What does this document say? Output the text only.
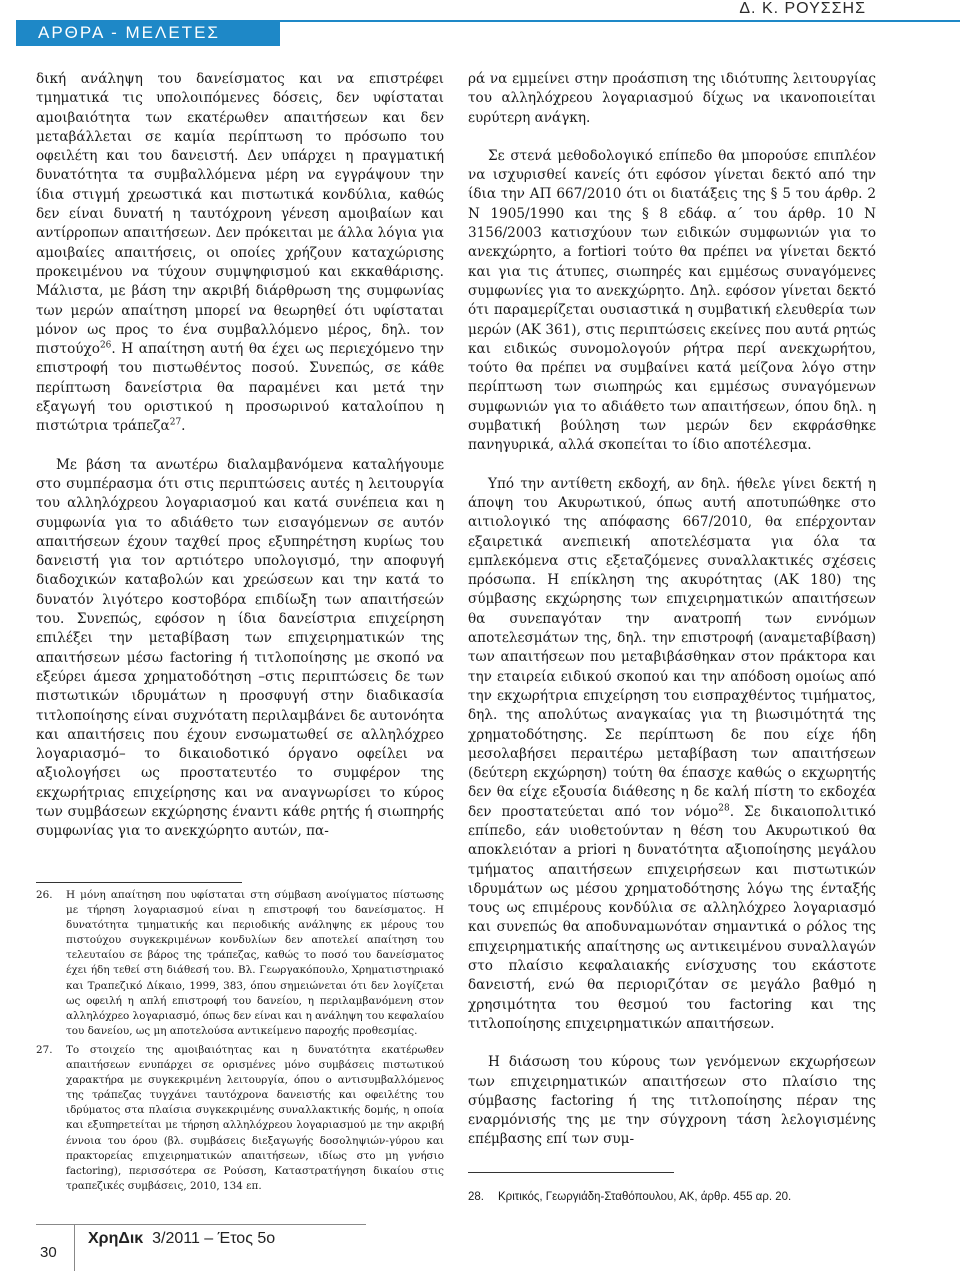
ΑΡΘΡΑ - ΜΕΛΕΤΕΣ
Δ. Κ. ΡΟΥΣΣΗΣ

δική ανάληψη του δανείσματος και να επιστρέφει τμηματικά τις υπολοιπόμενες δόσεις, δεν υφίσταται αμοιβαιότητα των εκατέρωθεν απαιτήσεων και δεν μεταβάλλεται σε καμία περίπτωση το πρόσωπο του οφειλέτη και του δανειστή. Δεν υπάρχει η πραγματική δυνατότητα τα συμβαλλόμενα μέρη να εγγράψουν την ίδια στιγμή χρεωστικά και πιστωτικά κονδύλια, καθώς δεν είναι δυνατή η ταυτόχρονη γένεση αμοιβαίων και αντίρροπων απαιτήσεων. Δεν πρόκειται με άλλα λόγια για αμοιβαίες απαιτήσεις, οι οποίες χρήζουν καταχώρισης προκειμένου να τύχουν συμψηφισμού και εκκαθάρισης. Μάλιστα, με βάση την ακριβή διάρθρωση της συμφωνίας των μερών απαίτηση μπορεί να θεωρηθεί ότι υφίσταται μόνον ως προς το ένα συμβαλλόμενο μέρος, δηλ. τον πιστούχο$^{26}$. Η απαίτηση αυτή θα έχει ως περιεχόμενο την επιστροφή του πιστωθέντος ποσού. Συνεπώς, σε κάθε περίπτωση δανείστρια θα παραμένει και μετά την εξαγωγή του οριστικού η προσωρινού καταλοίπου η πιστώτρια τράπεζα$^{27}$.

Με βάση τα ανωτέρω διαλαμβανόμενα καταλήγουμε στο συμπέρασμα ότι στις περιπτώσεις αυτές η λειτουργία του αλληλόχρεου λογαριασμού και κατά συνέπεια και η συμφωνία για το αδιάθετο των εισαγόμενων σε αυτόν απαιτήσεων έχουν ταχθεί προς εξυπηρέτηση κυρίως του δανειστή για τον αρτιότερο υπολογισμό, την αποφυγή διαδοχικών καταβολών και χρεώσεων και την κατά το δυνατόν λιγότερο κοστοβόρα επιδίωξη των απαιτήσεών του. Συνεπώς, εφόσον η ίδια δανείστρια επιχείρηση επιλέξει την μεταβίβαση των επιχειρηματικών της απαιτήσεων μέσω factoring ή τιτλοποίησης με σκοπό να εξεύρει άμεσα χρηματοδότηση –στις περιπτώσεις δε των πιστωτικών ιδρυμάτων η προσφυγή στην διαδικασία τιτλοποίησης είναι συχνότατη περιλαμβάνει δε αυτονόητα και απαιτήσεις που έχουν ενσωματωθεί σε αλληλόχρεο λογαριασμό– το δικαιοδοτικό όργανο οφείλει να αξιολογήσει ως προστατευτέο το συμφέρον της εκχωρήτριας επιχείρησης και να αναγνωρίσει το κύρος των συμβάσεων εκχώρησης έναντι κάθε ρητής ή σιωπηρής συμφωνίας για το ανεκχώρητο αυτών, πα-

26. Η μόνη απαίτηση που υφίσταται στη σύμβαση ανοίγματος πίστωσης με τήρηση λογαριασμού είναι η επιστροφή του δανείσματος. Η δυνατότητα τμηματικής και περιοδικής ανάληψης εκ μέρους του πιστούχου συγκεκριμένων κονδυλίων δεν αποτελεί απαίτηση του τελευταίου σε βάρος της τράπεζας, καθώς το ποσό του δανείσματος έχει ήδη τεθεί στη διάθεσή του. Βλ. Γεωργακόπουλο, Χρηματιστηριακό και Τραπεζικό Δίκαιο, 1999, 383, όπου σημειώνεται ότι δεν λογίζεται ως οφειλή η απλή επιστροφή του δανείου, η περιλαμβανόμενη στον αλληλόχρεο λογαριασμό, όπως δεν είναι και η ανάληψη του κεφαλαίου του δανείου, ως μη αποτελούσα αντικείμενο παροχής προθεσμίας.
27. Το στοιχείο της αμοιβαιότητας και η δυνατότητα εκατέρωθεν απαιτήσεων ενυπάρχει σε ορισμένες μόνο συμβάσεις πιστωτικού χαρακτήρα με συγκεκριμένη λειτουργία, όπου ο αντισυμβαλλόμενος της τράπεζας τυγχάνει ταυτόχρονα δανειστής και οφειλέτης του ιδρύματος στα πλαίσια συγκεκριμένης συναλλακτικής δομής, η οποία και εξυπηρετείται με τήρηση αλληλόχρεου λογαριασμού με την ακριβή έννοια του όρου (βλ. συμβάσεις διεξαγωγής δοσοληψιών-γύρου και πρακτορείας επιχειρηματικών απαιτήσεων, ιδίως στο μη γνήσιο factoring), περισσότερα σε Ρούσση, Καταστρατήγηση δικαίου στις τραπεζικές συμβάσεις, 2010, 134 επ.

ρά να εμμείνει στην προάσπιση της ιδιότυπης λειτουργίας του αλληλόχρεου λογαριασμού δίχως να ικανοποιείται ευρύτερη ανάγκη.

Σε στενά μεθοδολογικό επίπεδο θα μπορούσε επιπλέον να ισχυρισθεί κανείς ότι εφόσον γίνεται δεκτό από την ίδια την ΑΠ 667/2010 ότι οι διατάξεις της § 5 του άρθρ. 2 Ν 1905/1990 και της § 8 εδάφ. α΄ του άρθρ. 10 Ν 3156/2003 κατισχύουν των ειδικών συμφωνιών για το ανεκχώρητο, a fortiori τούτο θα πρέπει να γίνεται δεκτό και για τις άτυπες, σιωπηρές και εμμέσως συναγόμενες συμφωνίες για το ανεκχώρητο. Δηλ. εφόσον γίνεται δεκτό ότι παραμερίζεται ουσιαστικά η συμβατική ελευθερία των μερών (ΑΚ 361), στις περιπτώσεις εκείνες που αυτά ρητώς και ειδικώς συνομολογούν ρήτρα περί ανεκχωρήτου, τούτο θα πρέπει να συμβαίνει κατά μείζονα λόγο στην περίπτωση των σιωπηρώς και εμμέσως συναγόμενων συμφωνιών για το αδιάθετο των απαιτήσεων, όπου δηλ. η συμβατική βούληση των μερών δεν εκφράσθηκε πανηγυρικά, αλλά σκοπείται το ίδιο αποτέλεσμα.

Υπό την αντίθετη εκδοχή, αν δηλ. ήθελε γίνει δεκτή η άποψη του Ακυρωτικού, όπως αυτή αποτυπώθηκε στο αιτιολογικό της απόφασης 667/2010, θα επέρχονταν εξαιρετικά ανεπιεική αποτελέσματα για όλα τα εμπλεκόμενα στις εξεταζόμενες συναλλακτικές σχέσεις πρόσωπα. Η επίκληση της ακυρότητας (ΑΚ 180) της σύμβασης εκχώρησης των επιχειρηματικών απαιτήσεων θα συνεπαγόταν την ανατροπή των εννόμων αποτελεσμάτων της, δηλ. την επιστροφή (αναμεταβίβαση) των απαιτήσεων που μεταβιβάσθηκαν στον πράκτορα και την εταιρεία ειδικού σκοπού και την απόδοση ομοίως από την εκχωρήτρια επιχείρηση του εισπραχθέντος τιμήματος, δηλ. της απολύτως αναγκαίας για τη βιωσιμότητά της χρηματοδότησης. Σε περίπτωση δε που είχε ήδη μεσολαβήσει περαιτέρω μεταβίβαση των απαιτήσεων (δεύτερη εκχώρηση) τούτη θα έπασχε καθώς ο εκχωρητής δεν θα είχε εξουσία διάθεσης η δε καλή πίστη το εκδοχέα δεν προστατεύεται από τον νόμο$^{28}$. Σε δικαιοπολιτικό επίπεδο, εάν υιοθετούνταν η θέση του Ακυρωτικού θα αποκλειόταν a priori η δυνατότητα αξιοποίησης μεγάλου τμήματος απαιτήσεων επιχειρήσεων και πιστωτικών ιδρυμάτων ως μέσου χρηματοδότησης λόγω της ένταξής τους ως επιμέρους κονδύλια σε αλληλόχρεο λογαριασμό και συνεπώς θα αποδυναμωνόταν σημαντικά ο ρόλος της επιχειρηματικής απαίτησης ως αντικειμένου συναλλαγών στο πλαίσιο κεφαλαιακής ενίσχυσης του εκάστοτε δανειστή, ενώ θα περιοριζόταν σε μεγάλο βαθμό η χρησιμότητα του θεσμού του factoring και της τιτλοποίησης επιχειρηματικών απαιτήσεων.

Η διάσωση του κύρους των γενόμενων εκχωρήσεων των επιχειρηματικών απαιτήσεων στο πλαίσιο της σύμβασης factoring ή της τιτλοποίησης πέραν της εναρμόνισής της με την σύγχρονη τάση λελογισμένης επέμβασης επί των συμ-

28. Κριτικός, Γεωργιάδη-Σταθόπουλου, ΑΚ, άρθρ. 455 αρ. 20.
30
ΧρηΔικ 3/2011 – Έτος 5ο
